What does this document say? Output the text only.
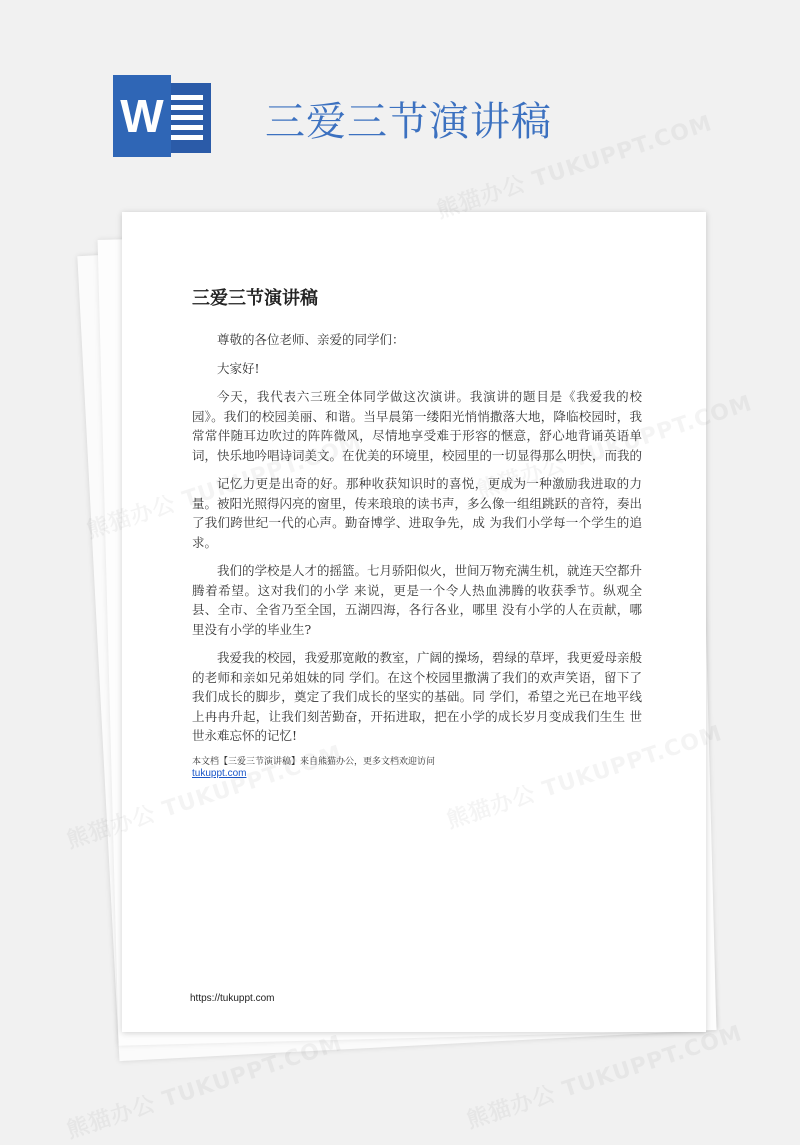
W	三爱三节演讲稿
三爱三节演讲稿

尊敬的各位老师、亲爱的同学们：

大家好!

今天，我代表六三班全体同学做这次演讲。我演讲的题目是《我爱我的校园》。我们的校园美丽、和谐。当早晨第一缕阳光悄悄撒落大地，降临校园时，我常常伴随耳边吹过的阵阵微风，尽情地享受难于形容的惬意，舒心地背诵英语单词，快乐地吟唱诗词美文。在优美的环境里，校园里的一切显得那么明快，而我的

记忆力更是出奇的好。那种收获知识时的喜悦，更成为一种激励我进取的力量。被阳光照得闪亮的窗里，传来琅琅的读书声，多么像一组组跳跃的音符，奏出了我们跨世纪一代的心声。勤奋博学、进取争先，成 为我们小学每一个学生的追求。

我们的学校是人才的摇篮。七月骄阳似火，世间万物充满生机，就连天空都升腾着希望。这对我们的小学 来说，更是一个令人热血沸腾的收获季节。纵观全县、全市、全省乃至全国，五湖四海，各行各业，哪里 没有小学的人在贡献，哪里没有小学的毕业生?

我爱我的校园，我爱那宽敞的教室，广阔的操场，碧绿的草坪，我更爱母亲般的老师和亲如兄弟姐妹的同 学们。在这个校园里撒满了我们的欢声笑语，留下了我们成长的脚步，奠定了我们成长的坚实的基础。同 学们，希望之光已在地平线上冉冉升起，让我们刻苦勤奋，开拓进取，把在小学的成长岁月变成我们生生 世世永难忘怀的记忆!

本文档【三爱三节演讲稿】来自熊猫办公，更多文档欢迎访问
tukuppt.com
https://tukuppt.com
